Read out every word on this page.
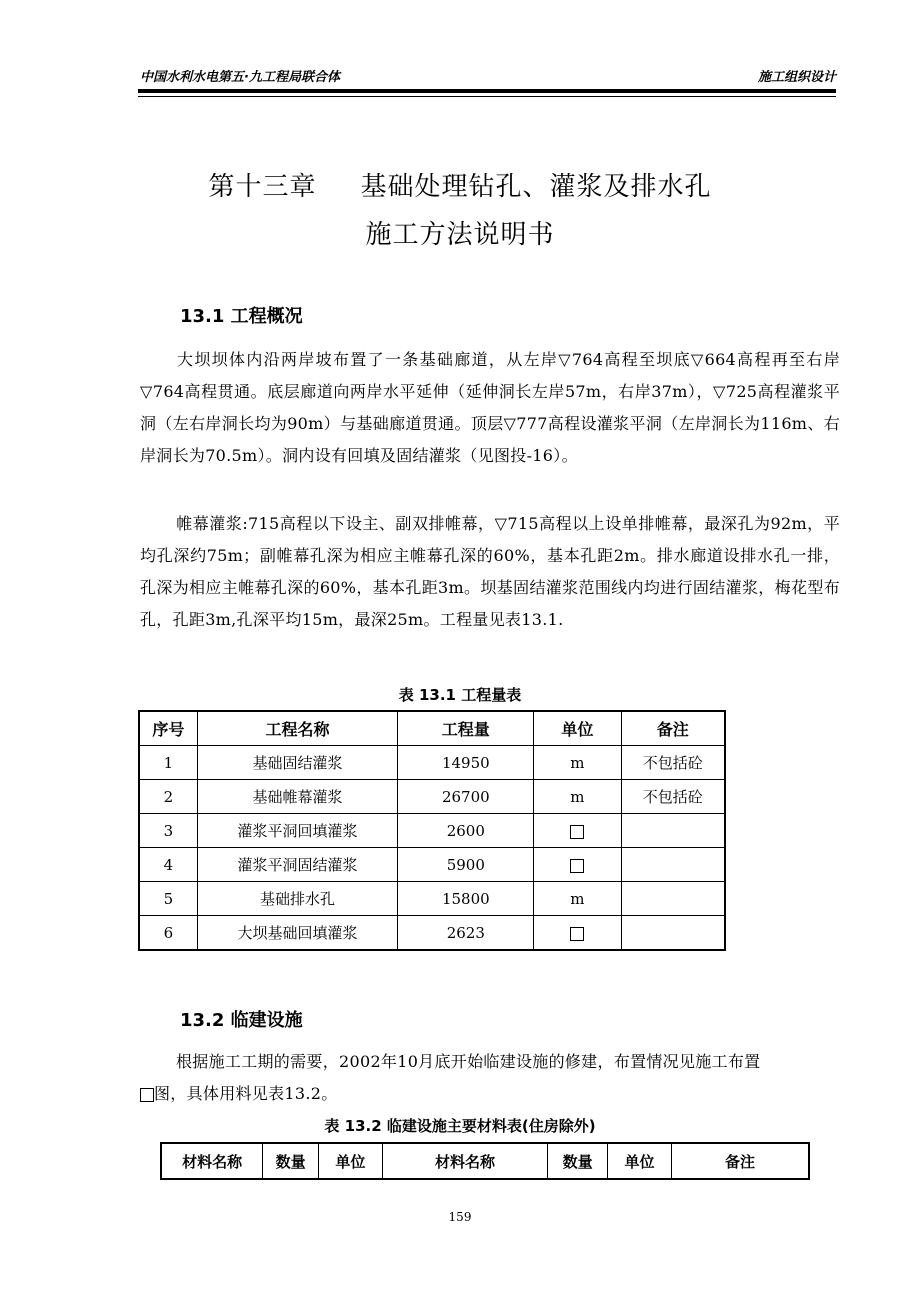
中国水利水电第五·九工程局联合体	施工组织设计
第十三章 基础处理钻孔、灌浆及排水孔
施工方法说明书
13.1 工程概况
大坝坝体内沿两岸坡布置了一条基础廊道，从左岸▽764高程至坝底▽664高程再至右岸▽764高程贯通。底层廊道向两岸水平延伸（延伸洞长左岸57m，右岸37m），▽725高程灌浆平洞（左右岸洞长均为90m）与基础廊道贯通。顶层▽777高程设灌浆平洞（左岸洞长为116m、右岸洞长为70.5m）。洞内设有回填及固结灌浆（见图投-16）。
帷幕灌浆:715高程以下设主、副双排帷幕，▽715高程以上设单排帷幕，最深孔为92m，平均孔深约75m；副帷幕孔深为相应主帷幕孔深的60%，基本孔距2m。排水廊道设排水孔一排，孔深为相应主帷幕孔深的60%，基本孔距3m。坝基固结灌浆范围线内均进行固结灌浆，梅花型布孔，孔距3m,孔深平均15m，最深25m。工程量见表13.1.
表 13.1 工程量表
序号	工程名称	工程量	单位	备注
1	基础固结灌浆	14950	m	不包括砼
2	基础帷幕灌浆	26700	m	不包括砼
3	灌浆平洞回填灌浆	2600		
4	灌浆平洞固结灌浆	5900		
5	基础排水孔	15800	m	
6	大坝基础回填灌浆	2623		
13.2 临建设施
根据施工工期的需要，2002年10月底开始临建设施的修建，布置情况见施工布置
图，具体用料见表13.2。
表 13.2 临建设施主要材料表(住房除外)
材料名称	数量	单位	材料名称	数量	单位	备注
159
